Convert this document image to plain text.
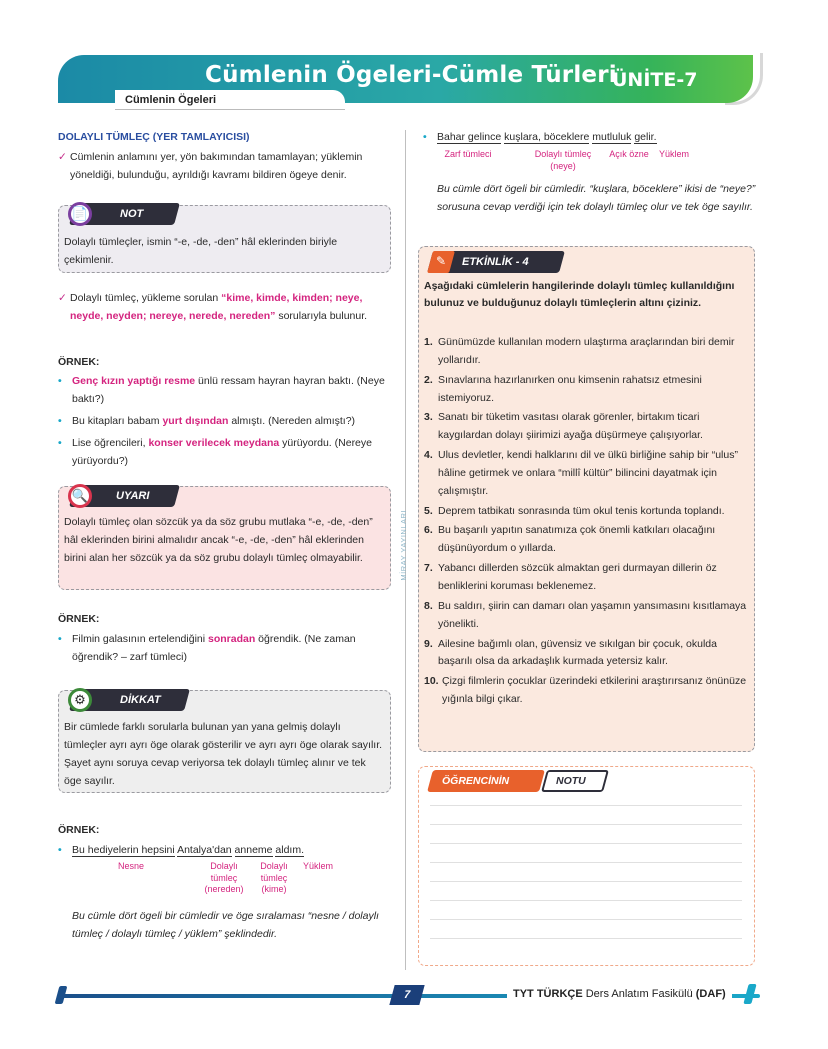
Cümlenin Ögeleri-Cümle Türleri
ÜNİTE-7
Cümlenin Ögeleri
DOLAYLI TÜMLEÇ (YER TAMLAYICISI)
✓ Cümlenin anlamını yer, yön bakımından tamamlayan; yüklemin yöneldiği, bulunduğu, ayrıldığı kavramı bildiren ögeye denir.
📄	NOT
Dolaylı tümleçler, ismin “-e, -de, -den” hâl eklerinden biriyle çekimlenir.
✓ Dolaylı tümleç, yükleme sorulan “kime, kimde, kimden; neye, neyde, neyden; nereye, nerede, nereden” sorularıyla bulunur.
ÖRNEK:
• Genç kızın yaptığı resme ünlü ressam hayran hayran baktı. (Neye baktı?)
• Bu kitapları babam yurt dışından almıştı. (Nereden almıştı?)
• Lise öğrencileri, konser verilecek meydana yürüyordu. (Nereye yürüyordu?)
🔍	UYARI
Dolaylı tümleç olan sözcük ya da söz grubu mutlaka “-e, -de, -den” hâl eklerinden birini almalıdır ancak “-e, -de, -den” hâl eklerinden birini alan her sözcük ya da söz grubu dolaylı tümleç olmayabilir.
ÖRNEK:
• Filmin galasının ertelendiğini sonradan öğrendik. (Ne zaman öğrendik? – zarf tümleci)
⚙	DİKKAT
Bir cümlede farklı sorularla bulunan yan yana gelmiş dolaylı tümleçler ayrı ayrı öge olarak gösterilir ve ayrı ayrı öge olarak sayılır. Şayet aynı soruya cevap veriyorsa tek dolaylı tümleç alınır ve tek öge sayılır.
ÖRNEK:
• Bu hediyelerin hepsini Antalya'dan anneme aldım.
Nesne	Dolaylı tümleç (nereden)
Dolaylı tümleç (kime)
Yüklem
Bu cümle dört ögeli bir cümledir ve öge sıralaması “nesne / dolaylı tümleç / dolaylı tümleç / yüklem” şeklindedir.
MİRAY YAYINLARI
• Bahar gelince kuşlara, böceklere mutluluk gelir.
Zarf tümleci	Dolaylı tümleç (neye)
Açık özne	Yüklem
Bu cümle dört ögeli bir cümledir. “kuşlara, böceklere” ikisi de “neye?” sorusuna cevap verdiği için tek dolaylı tümleç olur ve tek öge sayılır.
✎ ETKİNLİK - 4
Aşağıdaki cümlelerin hangilerinde dolaylı tümleç kullanıldığını bulunuz ve bulduğunuz dolaylı tümleçlerin altını çiziniz.
1. Günümüzde kullanılan modern ulaştırma araçlarından biri demir yollarıdır.
2. Sınavlarına hazırlanırken onu kimsenin rahatsız etmesini istemiyoruz.
3. Sanatı bir tüketim vasıtası olarak görenler, birtakım ticari kaygılardan dolayı şiirimizi ayağa düşürmeye çalışıyorlar.
4. Ulus devletler, kendi halklarını dil ve ülkü birliğine sahip bir “ulus” hâline getirmek ve onlara “millî kültür” bilincini dayatmak için çalışmıştır.
5. Deprem tatbikatı sonrasında tüm okul tenis kortunda toplandı.
6. Bu başarılı yapıtın sanatımıza çok önemli katkıları olacağını düşünüyordum o yıllarda.
7. Yabancı dillerden sözcük almaktan geri durmayan dillerin öz benliklerini koruması beklenemez.
8. Bu saldırı, şiirin can damarı olan yaşamın yansımasını kısıtlamaya yönelikti.
9. Ailesine bağımlı olan, güvensiz ve sıkılgan bir çocuk, okulda başarılı olsa da arkadaşlık kurmada yetersiz kalır.
10. Çizgi filmlerin çocuklar üzerindeki etkilerini araştırırsanız önünüze yığınla bilgi çıkar.
ÖĞRENCİNİN	NOTU
7	TYT TÜRKÇE Ders Anlatım Fasikülü (DAF)
